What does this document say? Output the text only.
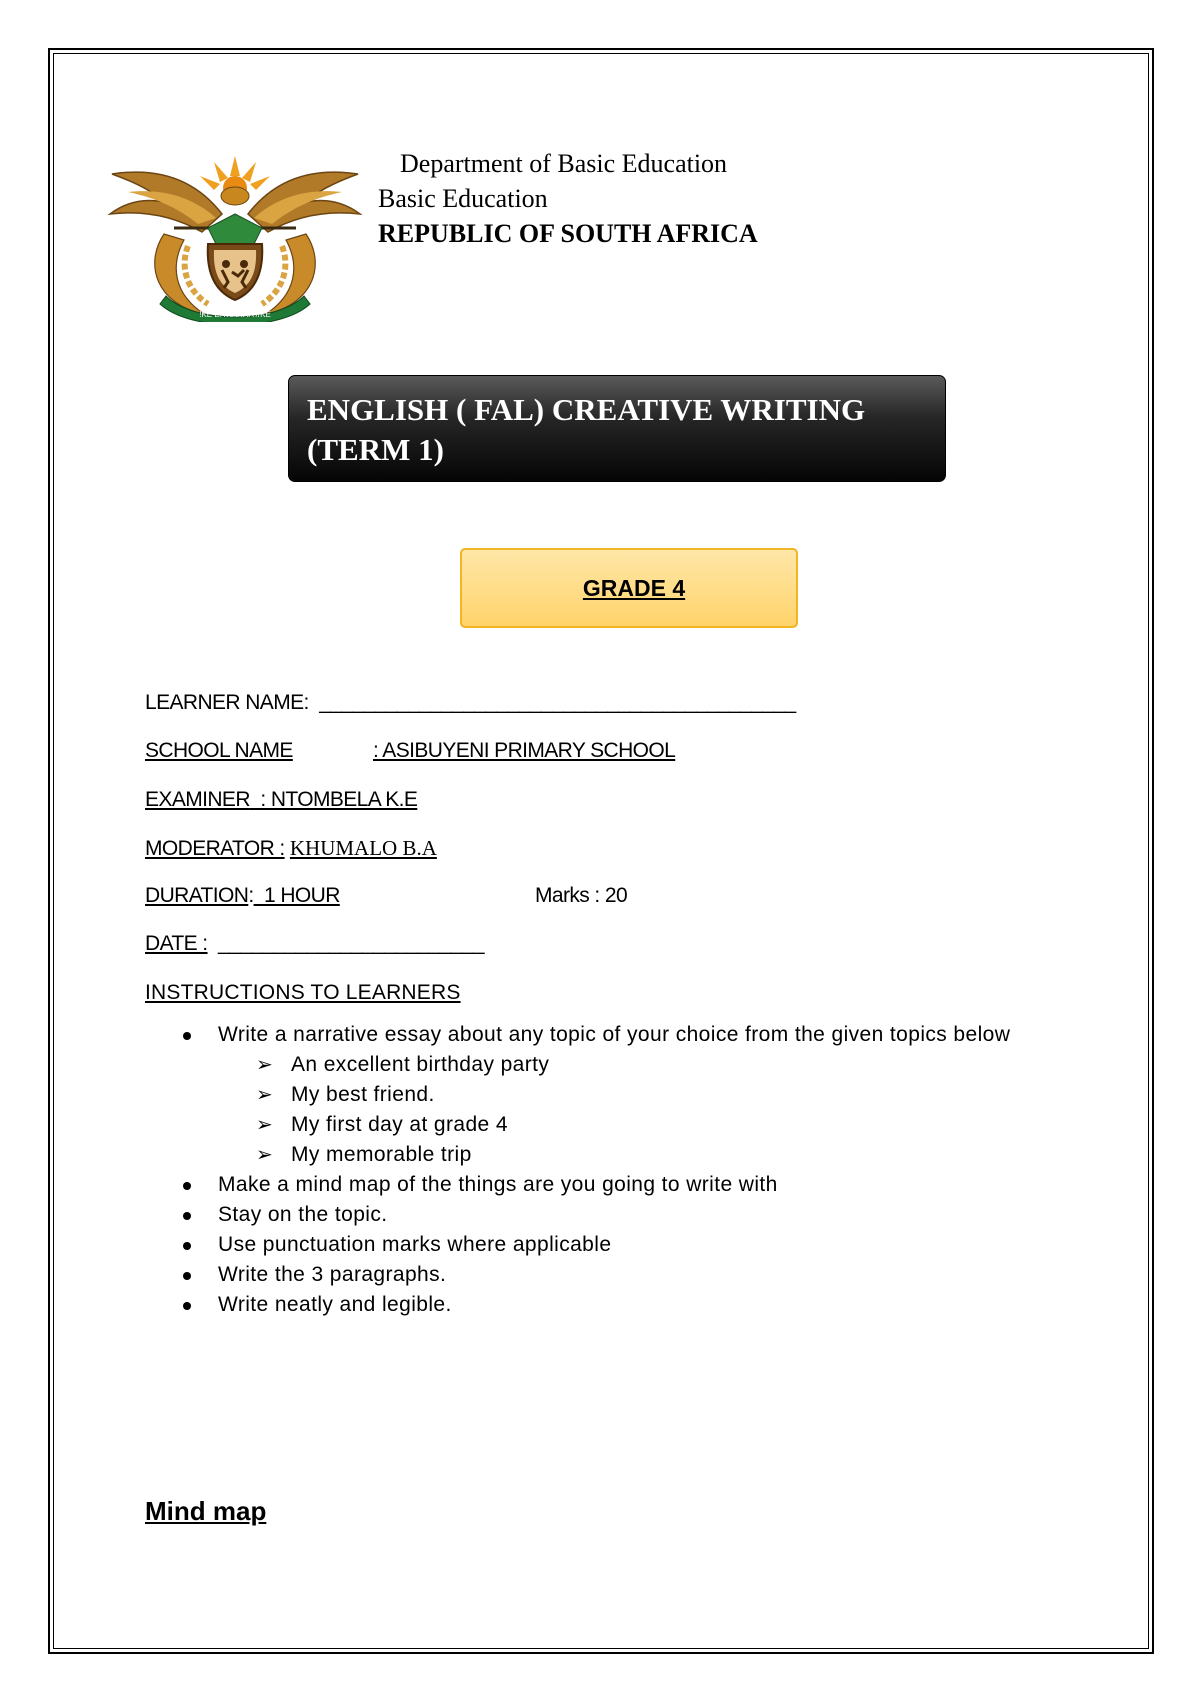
!KE E: /XARRA //KE
Department of Basic Education
Basic Education
REPUBLIC OF SOUTH AFRICA
ENGLISH ( FAL) CREATIVE WRITING
(TERM 1)
GRADE 4
LEARNER NAME:  ___________________________________________
SCHOOL NAME	: ASIBUYENI PRIMARY SCHOOL
EXAMINER  : NTOMBELA K.E
MODERATOR : KHUMALO B.A
DURATION:  1 HOUR	Marks : 20
DATE :  ________________________
INSTRUCTIONS TO LEARNERS
Write a narrative essay about any topic of your choice from the given topics below
➢ An excellent birthday party
➢ My best friend.
➢ My first day at grade 4
➢ My memorable trip
Make a mind map of the things are you going to write with
Stay on the topic.
Use punctuation marks where applicable
Write the 3 paragraphs.
Write neatly and legible.
Mind map
